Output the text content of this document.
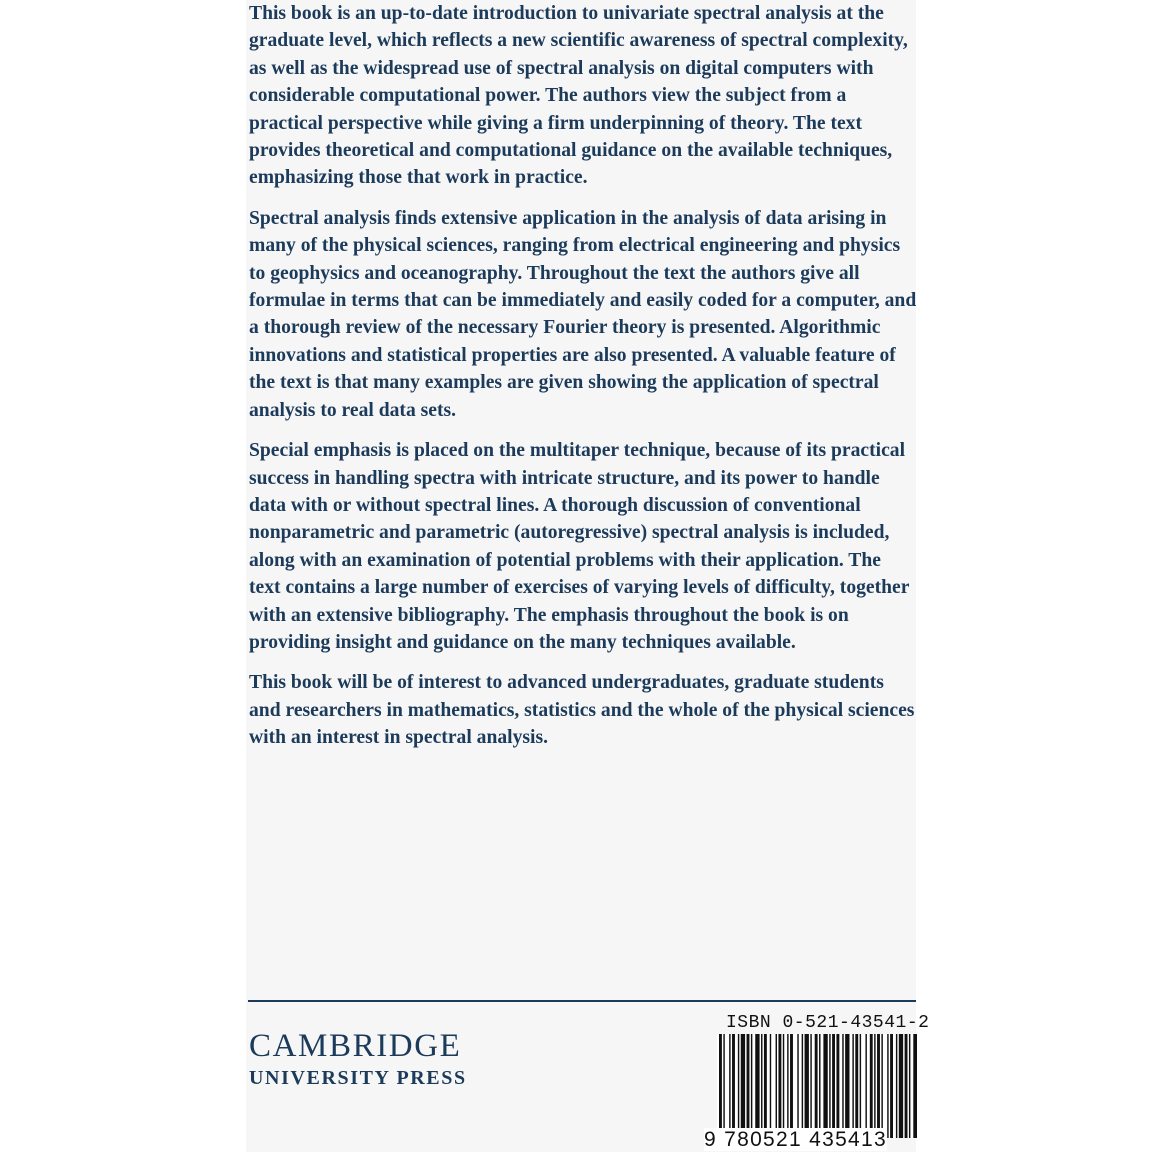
This book is an up-to-date introduction to univariate spectral analysis at the graduate level, which reflects a new scientific awareness of spectral complexity, as well as the widespread use of spectral analysis on digital computers with considerable computational power. The authors view the subject from a practical perspective while giving a firm underpinning of theory. The text provides theoretical and computational guidance on the available techniques, emphasizing those that work in practice.

Spectral analysis finds extensive application in the analysis of data arising in many of the physical sciences, ranging from electrical engineering and physics to geophysics and oceanography. Throughout the text the authors give all formulae in terms that can be immediately and easily coded for a computer, and a thorough review of the necessary Fourier theory is presented. Algorithmic innovations and statistical properties are also presented. A valuable feature of the text is that many examples are given showing the application of spectral analysis to real data sets.

Special emphasis is placed on the multitaper technique, because of its practical success in handling spectra with intricate structure, and its power to handle data with or without spectral lines. A thorough discussion of conventional nonparametric and parametric (autoregressive) spectral analysis is included, along with an examination of potential problems with their application. The text contains a large number of exercises of varying levels of difficulty, together with an extensive bibliography. The emphasis throughout the book is on providing insight and guidance on the many techniques available.

This book will be of interest to advanced undergraduates, graduate students and researchers in mathematics, statistics and the whole of the physical sciences with an interest in spectral analysis.

CAMBRIDGE
UNIVERSITY PRESS
ISBN 0-521-43541-2
9 780521 435413
